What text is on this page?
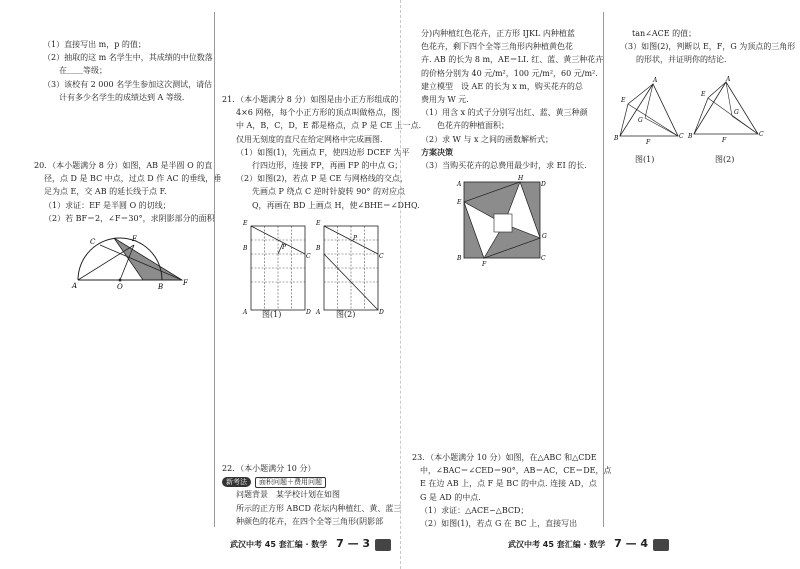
（1）直接写出 m，p 的值；
（2）抽取的这 m 名学生中，其成绩的中位数落
　　在＿＿等级；
（3）该校有 2 000 名学生参加这次测试，请估
　　计有多少名学生的成绩达到 A 等级.
20．（本小题满分 8 分）如图，AB 是半圆 O 的直
径，点 D 是 BC 中点，过点 D 作 AC 的垂线，垂
足为点 E，交 AB 的延长线于点 F.
（1）求证：EF 是半圆 O 的切线；
（2）若 BF＝2，∠F＝30°，求阴影部分的面积
A	O	B	F
C	E
21．（本小题满分 8 分）如图是由小正方形组成的
4×6 网格，每个小正方形的顶点叫做格点，图
中 A，B，C，D，E 都是格点，点 P 是 CE 上一点.
仅用无刻度的直尺在给定网格中完成画图.
（1）如图(1)，先画点 F，使四边形 DCEF 为平
　　行四边形，连接 FP，再画 FP 的中点 G；
（2）如图(2)，若点 P 是 CE 与网格线的交点，
　　先画点 P 绕点 C 逆时针旋转 90° 的对应点
　　Q，再画在 BD 上画点 H，使∠BHE＝∠DHQ.
E
B
A
C
D
P
图(1)
E
B
A
C
D
P
图(2)
22．（本小题满分 10 分）
新考法 面积问题＋费用问题
问题背景　某学校计划在如图
所示的正方形 ABCD 花坛内种植红、黄、蓝三
种颜色的花卉，在四个全等三角形(阴影部
武汉中考 45 套汇编 · 数学 7 — 3
分)内种植红色花卉，正方形 IJKL 内种植蓝
色花卉，剩下四个全等三角形内种植黄色花
卉. AB 的长为 8 m，AE＝LI. 红、蓝、黄三种花卉
的价格分别为 40 元/m²，100 元/m²，60 元/m².
建立模型　设 AE 的长为 x m，购买花卉的总
费用为 W 元.
（1）用含 x 的式子分别写出红、蓝、黄三种颜
　　色花卉的种植面积；
（2）求 W 与 x 之间的函数解析式；
方案决策
（3）当购买花卉的总费用最少时，求 EI 的长.
A	D
B	C
E
H
G
F
tan∠ACE 的值；
（3）如图(2)，判断以 E，F，G 为顶点的三角形
　　的形状，并证明你的结论.
A
B	C
E
G
F
图(1)
A
B	C
E
G
F
图(2)
23．（本小题满分 10 分）如图，在△ABC 和△CDE
中，∠BAC＝∠CED＝90°，AB＝AC，CE＝DE，点
E 在边 AB 上，点 F 是 BC 的中点. 连接 AD，点
G 是 AD 的中点.
（1）求证：△ACE∽△BCD；
（2）如图(1)，若点 G 在 BC 上，直接写出
武汉中考 45 套汇编 · 数学 7 — 4
